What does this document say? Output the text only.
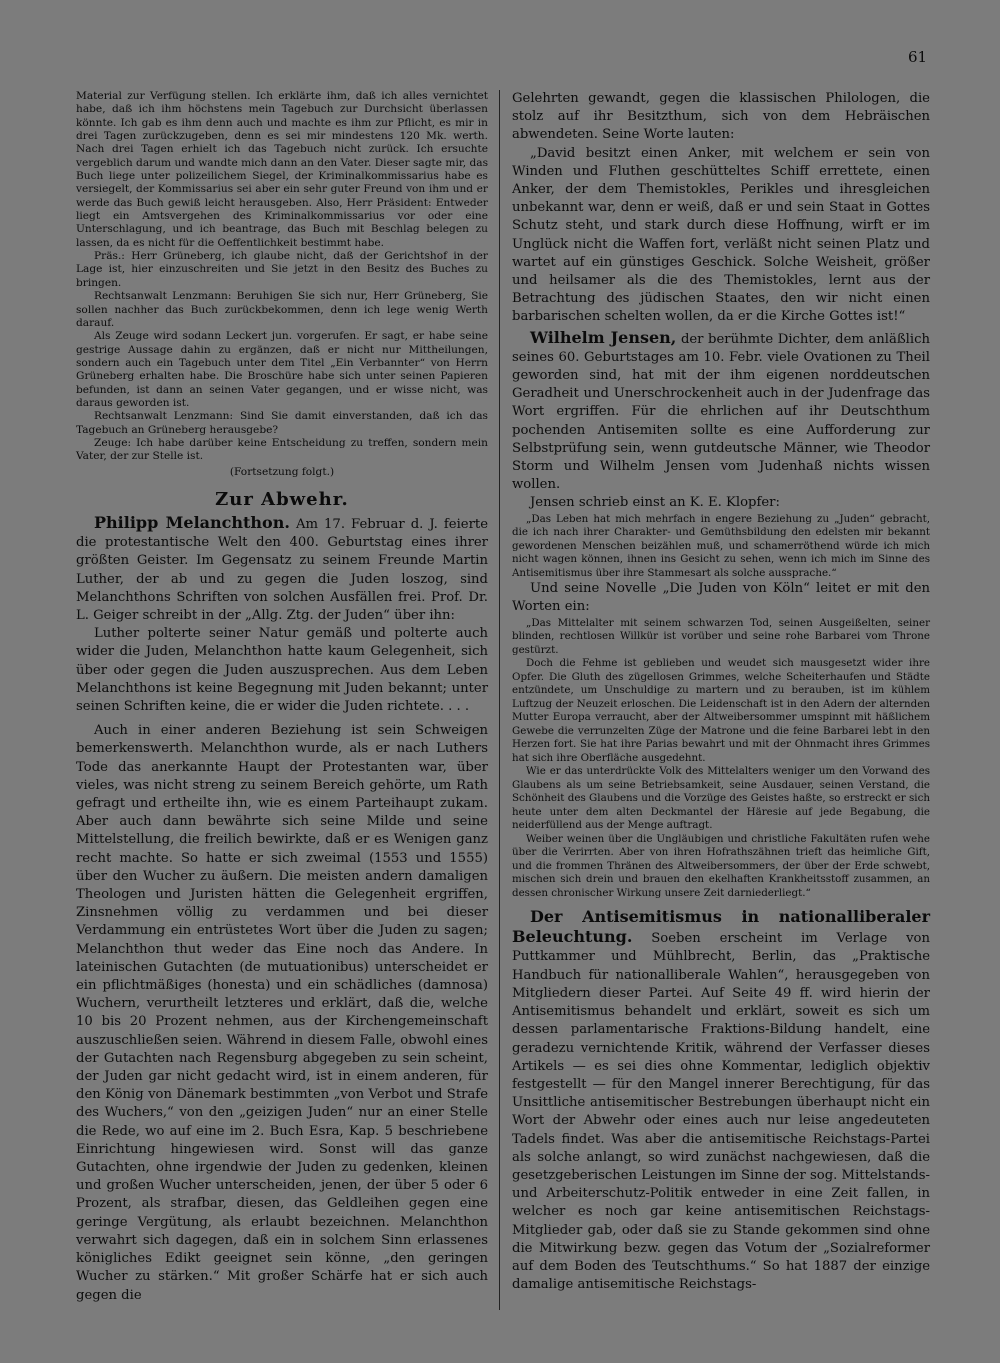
61

Material zur Verfügung stellen. Ich erklärte ihm, daß ich alles vernichtet habe, daß ich ihm höchstens mein Tagebuch zur Durchsicht überlassen könnte. Ich gab es ihm denn auch und machte es ihm zur Pflicht, es mir in drei Tagen zurückzugeben, denn es sei mir mindestens 120 Mk. werth. Nach drei Tagen erhielt ich das Tagebuch nicht zurück. Ich ersuchte vergeblich darum und wandte mich dann an den Vater. Dieser sagte mir, das Buch liege unter polizeilichem Siegel, der Kriminalkommissarius habe es versiegelt, der Kommissarius sei aber ein sehr guter Freund von ihm und er werde das Buch gewiß leicht herausgeben. Also, Herr Präsident: Entweder liegt ein Amtsvergehen des Kriminalkommissarius vor oder eine Unterschlagung, und ich beantrage, das Buch mit Beschlag belegen zu lassen, da es nicht für die Oeffentlichkeit bestimmt habe.

Präs.: Herr Grüneberg, ich glaube nicht, daß der Gerichtshof in der Lage ist, hier einzuschreiten und Sie jetzt in den Besitz des Buches zu bringen.

Rechtsanwalt Lenzmann: Beruhigen Sie sich nur, Herr Grüneberg, Sie sollen nachher das Buch zurückbekommen, denn ich lege wenig Werth darauf.

Als Zeuge wird sodann Leckert jun. vorgerufen. Er sagt, er habe seine gestrige Aussage dahin zu ergänzen, daß er nicht nur Mittheilungen, sondern auch ein Tagebuch unter dem Titel „Ein Verbannter“ von Herrn Grüneberg erhalten habe. Die Broschüre habe sich unter seinen Papieren befunden, ist dann an seinen Vater gegangen, und er wisse nicht, was daraus geworden ist.

Rechtsanwalt Lenzmann: Sind Sie damit einverstanden, daß ich das Tagebuch an Grüneberg herausgebe?

Zeuge: Ich habe darüber keine Entscheidung zu treffen, sondern mein Vater, der zur Stelle ist.

(Fortsetzung folgt.)

Zur Abwehr.

Philipp Melanchthon. Am 17. Februar d. J. feierte die protestantische Welt den 400. Geburtstag eines ihrer größten Geister. Im Gegensatz zu seinem Freunde Martin Luther, der ab und zu gegen die Juden loszog, sind Melanchthons Schriften von solchen Ausfällen frei. Prof. Dr. L. Geiger schreibt in der „Allg. Ztg. der Juden“ über ihn:

Luther polterte seiner Natur gemäß und polterte auch wider die Juden, Melanchthon hatte kaum Gelegenheit, sich über oder gegen die Juden auszusprechen. Aus dem Leben Melanchthons ist keine Begegnung mit Juden bekannt; unter seinen Schriften keine, die er wider die Juden richtete. . . .

Auch in einer anderen Beziehung ist sein Schweigen bemerkenswerth. Melanchthon wurde, als er nach Luthers Tode das anerkannte Haupt der Protestanten war, über vieles, was nicht streng zu seinem Bereich gehörte, um Rath gefragt und ertheilte ihn, wie es einem Parteihaupt zukam. Aber auch dann bewährte sich seine Milde und seine Mittelstellung, die freilich bewirkte, daß er es Wenigen ganz recht machte. So hatte er sich zweimal (1553 und 1555) über den Wucher zu äußern. Die meisten andern damaligen Theologen und Juristen hätten die Gelegenheit ergriffen, Zinsnehmen völlig zu verdammen und bei dieser Verdammung ein entrüstetes Wort über die Juden zu sagen; Melanchthon thut weder das Eine noch das Andere. In lateinischen Gutachten (de mutuationibus) unterscheidet er ein pflichtmäßiges (honesta) und ein schädliches (damnosa) Wuchern, verurtheilt letzteres und erklärt, daß die, welche 10 bis 20 Prozent nehmen, aus der Kirchengemeinschaft auszuschließen seien. Während in diesem Falle, obwohl eines der Gutachten nach Regensburg abgegeben zu sein scheint, der Juden gar nicht gedacht wird, ist in einem anderen, für den König von Dänemark bestimmten „von Verbot und Strafe des Wuchers,“ von den „geizigen Juden“ nur an einer Stelle die Rede, wo auf eine im 2. Buch Esra, Kap. 5 beschriebene Einrichtung hingewiesen wird. Sonst will das ganze Gutachten, ohne irgendwie der Juden zu gedenken, kleinen und großen Wucher unterscheiden, jenen, der über 5 oder 6 Prozent, als strafbar, diesen, das Geldleihen gegen eine geringe Vergütung, als erlaubt bezeichnen. Melanchthon verwahrt sich dagegen, daß ein in solchem Sinn erlassenes königliches Edikt geeignet sein könne, „den geringen Wucher zu stärken.“ Mit großer Schärfe hat er sich auch gegen die

Gelehrten gewandt, gegen die klassischen Philologen, die stolz auf ihr Besitzthum, sich von dem Hebräischen abwendeten. Seine Worte lauten:

„David besitzt einen Anker, mit welchem er sein von Winden und Fluthen geschütteltes Schiff errettete, einen Anker, der dem Themistokles, Perikles und ihresgleichen unbekannt war, denn er weiß, daß er und sein Staat in Gottes Schutz steht, und stark durch diese Hoffnung, wirft er im Unglück nicht die Waffen fort, verläßt nicht seinen Platz und wartet auf ein günstiges Geschick. Solche Weisheit, größer und heilsamer als die des Themistokles, lernt aus der Betrachtung des jüdischen Staates, den wir nicht einen barbarischen schelten wollen, da er die Kirche Gottes ist!“

Wilhelm Jensen, der berühmte Dichter, dem anläßlich seines 60. Geburtstages am 10. Febr. viele Ovationen zu Theil geworden sind, hat mit der ihm eigenen norddeutschen Geradheit und Unerschrockenheit auch in der Judenfrage das Wort ergriffen. Für die ehrlichen auf ihr Deutschthum pochenden Antisemiten sollte es eine Aufforderung zur Selbstprüfung sein, wenn gutdeutsche Männer, wie Theodor Storm und Wilhelm Jensen vom Judenhaß nichts wissen wollen.

Jensen schrieb einst an K. E. Klopfer:

„Das Leben hat mich mehrfach in engere Beziehung zu „Juden“ gebracht, die ich nach ihrer Charakter- und Gemüthsbildung den edelsten mir bekannt gewordenen Menschen beizählen muß, und schamerröthend würde ich mich nicht wagen können, ihnen ins Gesicht zu sehen, wenn ich mich im Sinne des Antisemitismus über ihre Stammesart als solche aussprache.“

Und seine Novelle „Die Juden von Köln“ leitet er mit den Worten ein:

„Das Mittelalter mit seinem schwarzen Tod, seinen Ausgeißelten, seiner blinden, rechtlosen Willkür ist vorüber und seine rohe Barbarei vom Throne gestürzt.

Doch die Fehme ist geblieben und weudet sich mausgesetzt wider ihre Opfer. Die Gluth des zügellosen Grimmes, welche Scheiterhaufen und Städte entzündete, um Unschuldige zu martern und zu berauben, ist im kühlem Luftzug der Neuzeit erloschen. Die Leidenschaft ist in den Adern der alternden Mutter Europa verraucht, aber der Altweibersommer umspinnt mit häßlichem Gewebe die verrunzelten Züge der Matrone und die feine Barbarei lebt in den Herzen fort. Sie hat ihre Parias bewahrt und mit der Ohnmacht ihres Grimmes hat sich ihre Oberfläche ausgedehnt.

Wie er das unterdrückte Volk des Mittelalters weniger um den Vorwand des Glaubens als um seine Betriebsamkeit, seine Ausdauer, seinen Verstand, die Schönheit des Glaubens und die Vorzüge des Geistes haßte, so erstreckt er sich heute unter dem alten Deckmantel der Häresie auf jede Begabung, die neiderfüllend aus der Menge auftragt.

Weiber weinen über die Ungläubigen und christliche Fakultäten rufen wehe über die Verirrten. Aber von ihren Hofrathszähnen trieft das heimliche Gift, und die frommen Thränen des Altweibersommers, der über der Erde schwebt, mischen sich drein und brauen den ekelhaften Krankheitsstoff zusammen, an dessen chronischer Wirkung unsere Zeit darniederliegt.“

Der Antisemitismus in nationalliberaler Beleuchtung. Soeben erscheint im Verlage von Puttkammer und Mühlbrecht, Berlin, das „Praktische Handbuch für nationalliberale Wahlen“, herausgegeben von Mitgliedern dieser Partei. Auf Seite 49 ff. wird hierin der Antisemitismus behandelt und erklärt, soweit es sich um dessen parlamentarische Fraktions-Bildung handelt, eine geradezu vernichtende Kritik, während der Verfasser dieses Artikels — es sei dies ohne Kommentar, lediglich objektiv festgestellt — für den Mangel innerer Berechtigung, für das Unsittliche antisemitischer Bestrebungen überhaupt nicht ein Wort der Abwehr oder eines auch nur leise angedeuteten Tadels findet. Was aber die antisemitische Reichstags-Partei als solche anlangt, so wird zunächst nachgewiesen, daß die gesetzgeberischen Leistungen im Sinne der sog. Mittelstands- und Arbeiterschutz-Politik entweder in eine Zeit fallen, in welcher es noch gar keine antisemitischen Reichstags-Mitglieder gab, oder daß sie zu Stande gekommen sind ohne die Mitwirkung bezw. gegen das Votum der „Sozialreformer auf dem Boden des Teutschthums.“ So hat 1887 der einzige damalige antisemitische Reichstags-
